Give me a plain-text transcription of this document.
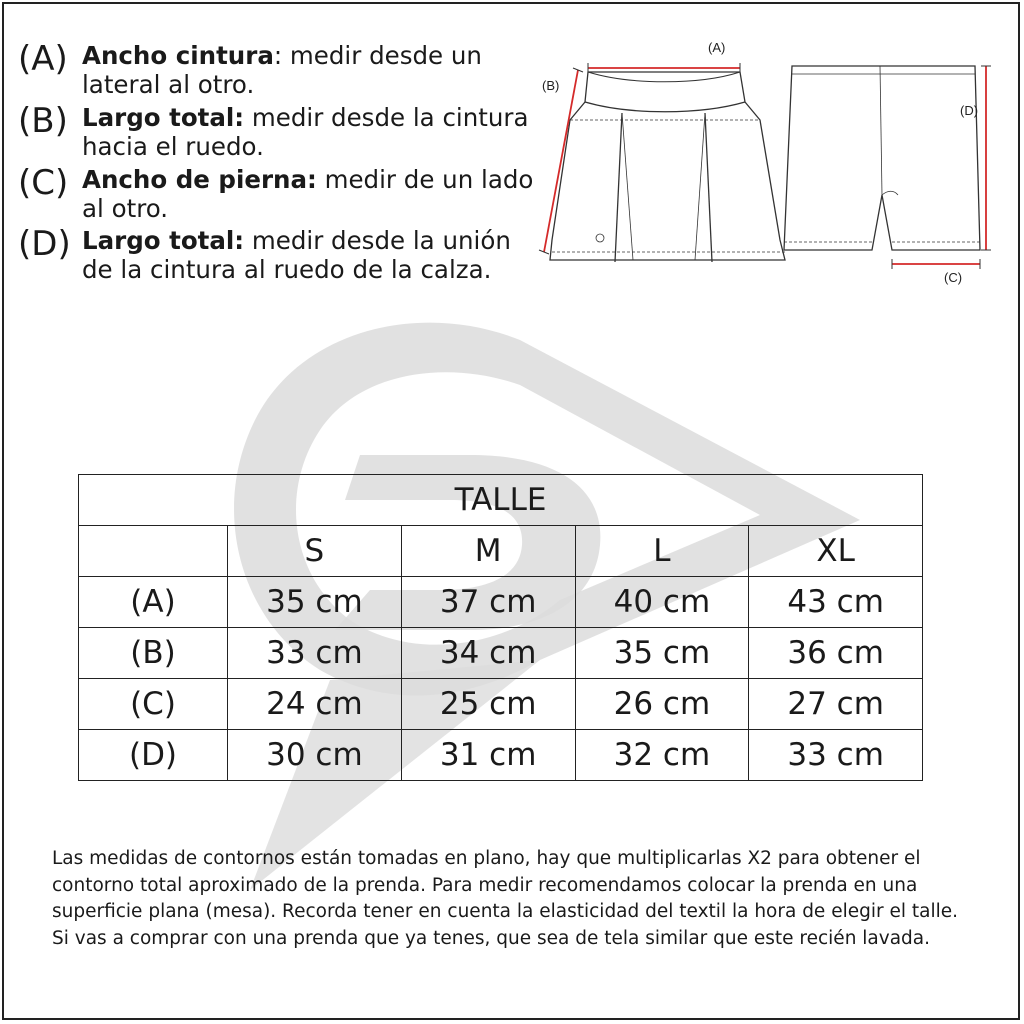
(A) Ancho cintura: medir desde un lateral al otro.
(B) Largo total: medir desde la cintura hacia el ruedo.
(C) Ancho de pierna: medir de un lado al otro.
(D) Largo total: medir desde la unión de la cintura al ruedo de la calza.
(A)
(B)
(D)
(C)
TALLE				
	S	M	L	XL
(A)	35 cm	37 cm	40 cm	43 cm
(B)	33 cm	34 cm	35 cm	36 cm
(C)	24 cm	25 cm	26 cm	27 cm
(D)	30 cm	31 cm	32 cm	33 cm
Las medidas de contornos están tomadas en plano, hay que multiplicarlas X2 para obtener el contorno total aproximado de la prenda. Para medir recomendamos colocar la prenda en una superficie plana (mesa). Recorda tener en cuenta la elasticidad del textil la hora de elegir el talle. Si vas a comprar con una prenda que ya tenes, que sea de tela similar que este recién lavada.
